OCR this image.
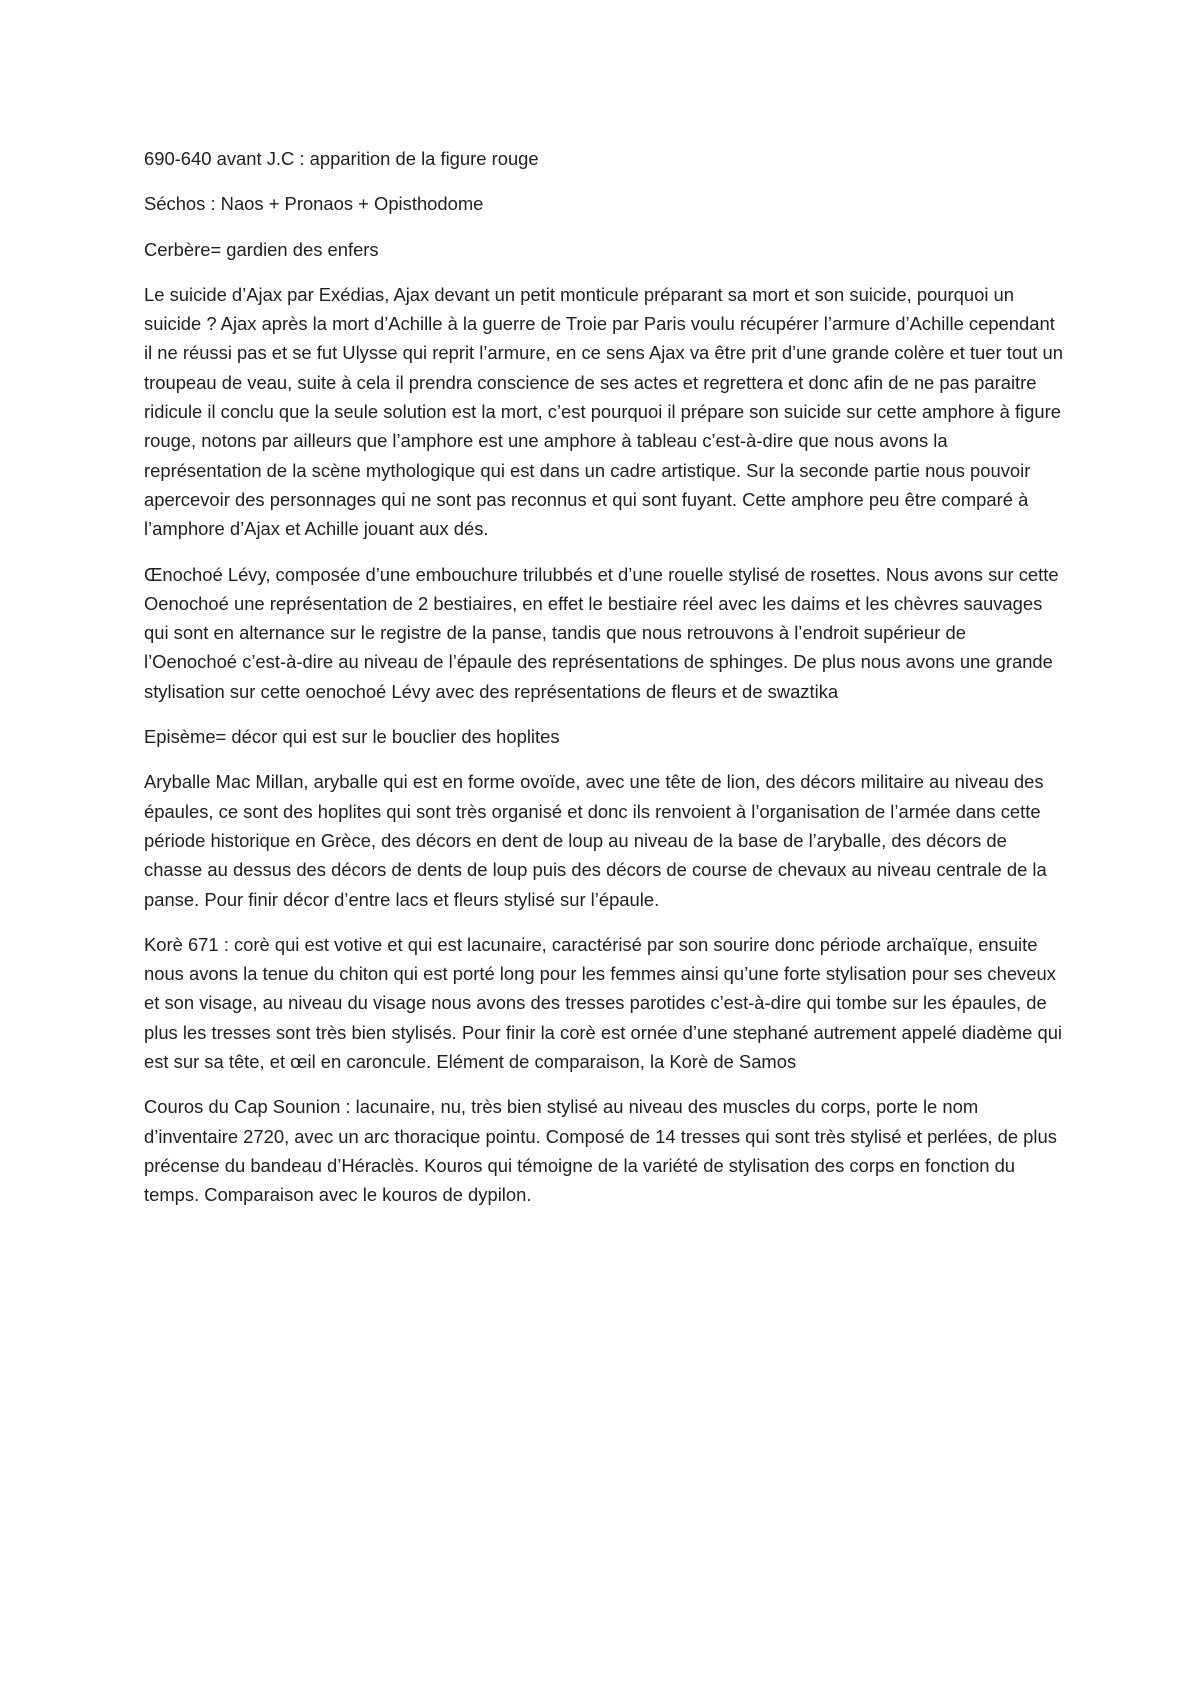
690-640 avant J.C : apparition de la figure rouge

Séchos : Naos + Pronaos + Opisthodome

Cerbère= gardien des enfers

Le suicide d’Ajax par Exédias, Ajax devant un petit monticule préparant sa mort et son suicide, pourquoi un suicide ? Ajax après la mort d’Achille à la guerre de Troie par Paris voulu récupérer l’armure d’Achille cependant il ne réussi pas et se fut Ulysse qui reprit l’armure, en ce sens Ajax va être prit d’une grande colère et tuer tout un troupeau de veau, suite à cela il prendra conscience de ses actes et regrettera et donc afin de ne pas paraitre ridicule il conclu que la seule solution est la mort, c’est pourquoi il prépare son suicide sur cette amphore à figure rouge, notons par ailleurs que l’amphore est une amphore à tableau c’est-à-dire que nous avons la représentation de la scène mythologique qui est dans un cadre artistique. Sur la seconde partie nous pouvoir apercevoir des personnages qui ne sont pas reconnus et qui sont fuyant. Cette amphore peu être comparé à l’amphore d’Ajax et Achille jouant aux dés.

Œnochoé Lévy, composée d’une embouchure trilubbés et d’une rouelle stylisé de rosettes. Nous avons sur cette Oenochoé une représentation de 2 bestiaires, en effet le bestiaire réel avec les daims et les chèvres sauvages qui sont en alternance sur le registre de la panse, tandis que nous retrouvons à l’endroit supérieur de l’Oenochoé c’est-à-dire au niveau de l’épaule des représentations de sphinges. De plus nous avons une grande stylisation sur cette oenochoé Lévy avec des représentations de fleurs et de swaztika

Episème= décor qui est sur le bouclier des hoplites

Aryballe Mac Millan, aryballe qui est en forme ovoïde, avec une tête de lion, des décors militaire au niveau des épaules, ce sont des hoplites qui sont très organisé et donc ils renvoient à l’organisation de l’armée dans cette période historique en Grèce, des décors en dent de loup au niveau de la base de l’aryballe, des décors de chasse au dessus des décors de dents de loup puis des décors de course de chevaux au niveau centrale de la panse. Pour finir décor d’entre lacs et fleurs stylisé sur l’épaule.

Korè 671 : corè qui est votive et qui est lacunaire, caractérisé par son sourire donc période archaïque, ensuite nous avons la tenue du chiton qui est porté long pour les femmes ainsi qu’une forte stylisation pour ses cheveux et son visage, au niveau du visage nous avons des tresses parotides c’est-à-dire qui tombe sur les épaules, de plus les tresses sont très bien stylisés. Pour finir la corè est ornée d’une stephané autrement appelé diadème qui est sur sa tête, et œil en caroncule. Elément de comparaison, la Korè de Samos

Couros du Cap Sounion : lacunaire, nu, très bien stylisé au niveau des muscles du corps, porte le nom d’inventaire 2720, avec un arc thoracique pointu. Composé de 14 tresses qui sont très stylisé et perlées, de plus précense du bandeau d’Héraclès. Kouros qui témoigne de la variété de stylisation des corps en fonction du temps. Comparaison avec le kouros de dypilon.
